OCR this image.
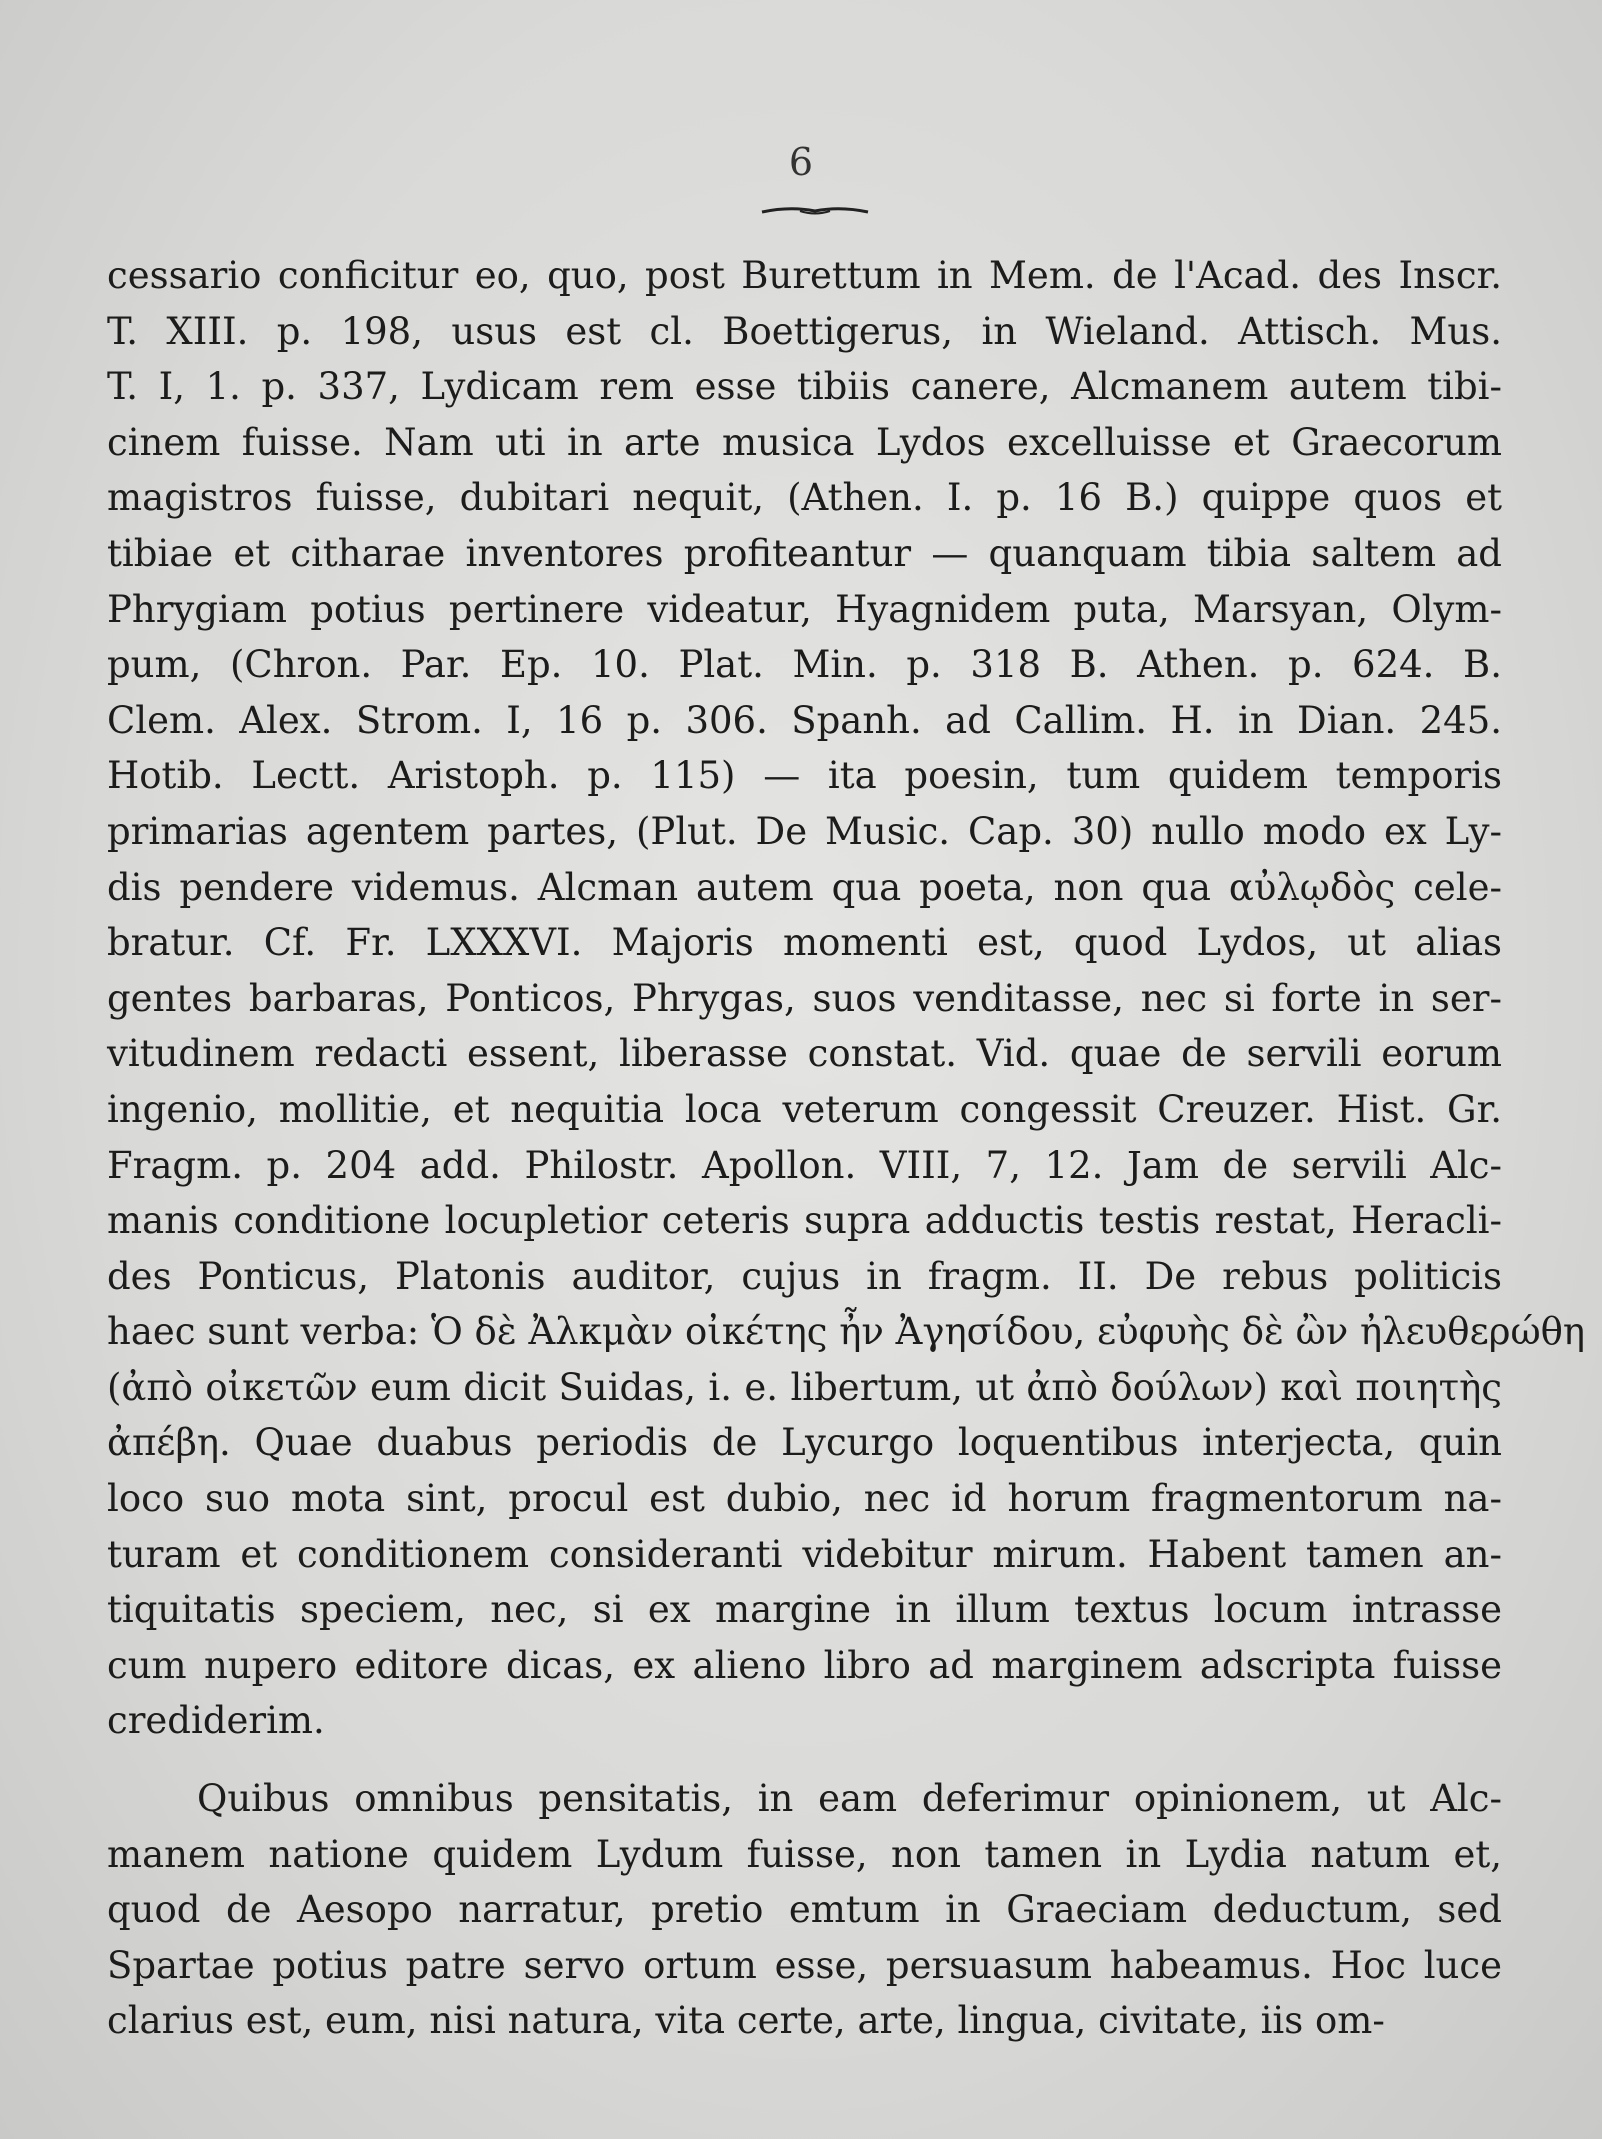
6
cessario conficitur eo, quo, post Burettum in Mem. de l'Acad. des Inscr.
T. XIII. p. 198, usus est cl. Boettigerus, in Wieland. Attisch. Mus.
T. I, 1. p. 337, Lydicam rem esse tibiis canere, Alcmanem autem tibi-
cinem fuisse. Nam uti in arte musica Lydos excelluisse et Graecorum
magistros fuisse, dubitari nequit, (Athen. I. p. 16 B.) quippe quos et
tibiae et citharae inventores profiteantur — quanquam tibia saltem ad
Phrygiam potius pertinere videatur, Hyagnidem puta, Marsyan, Olym-
pum, (Chron. Par. Ep. 10. Plat. Min. p. 318 B. Athen. p. 624. B.
Clem. Alex. Strom. I, 16 p. 306. Spanh. ad Callim. H. in Dian. 245.
Hotib. Lectt. Aristoph. p. 115) — ita poesin, tum quidem temporis
primarias agentem partes, (Plut. De Music. Cap. 30) nullo modo ex Ly-
dis pendere videmus. Alcman autem qua poeta, non qua αὐλῳδὸς cele-
bratur. Cf. Fr. LXXXVI. Majoris momenti est, quod Lydos, ut alias
gentes barbaras, Ponticos, Phrygas, suos venditasse, nec si forte in ser-
vitudinem redacti essent, liberasse constat. Vid. quae de servili eorum
ingenio, mollitie, et nequitia loca veterum congessit Creuzer. Hist. Gr.
Fragm. p. 204 add. Philostr. Apollon. VIII, 7, 12. Jam de servili Alc-
manis conditione locupletior ceteris supra adductis testis restat, Heracli-
des Ponticus, Platonis auditor, cujus in fragm. II. De rebus politicis
haec sunt verba: Ὁ δὲ Ἀλκμὰν οἰκέτης ἦν Ἀγησίδου, εὐφυὴς δὲ ὢν ἠλευθερώθη
(ἀπὸ οἰκετῶν eum dicit Suidas, i. e. libertum, ut ἀπὸ δούλων) καὶ ποιητὴς
ἀπέβη. Quae duabus periodis de Lycurgo loquentibus interjecta, quin
loco suo mota sint, procul est dubio, nec id horum fragmentorum na-
turam et conditionem consideranti videbitur mirum. Habent tamen an-
tiquitatis speciem, nec, si ex margine in illum textus locum intrasse
cum nupero editore dicas, ex alieno libro ad marginem adscripta fuisse
crediderim.
Quibus omnibus pensitatis, in eam deferimur opinionem, ut Alc-
manem natione quidem Lydum fuisse, non tamen in Lydia natum et,
quod de Aesopo narratur, pretio emtum in Graeciam deductum, sed
Spartae potius patre servo ortum esse, persuasum habeamus. Hoc luce
clarius est, eum, nisi natura, vita certe, arte, lingua, civitate, iis om-
